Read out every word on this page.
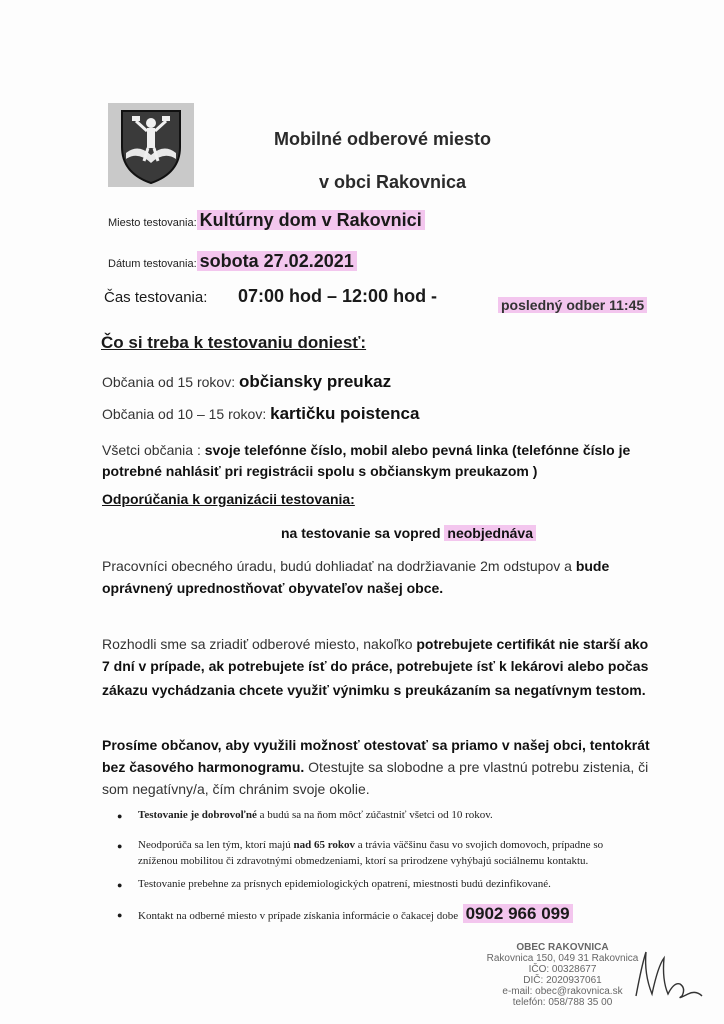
Mobilné odberové miesto
v obci Rakovnica
Miesto testovania: Kultúrny dom v Rakovnici
Dátum testovania: sobota 27.02.2021
Čas testovania: 07:00 hod – 12:00 hod -	posledný odber 11:45
Čo si treba k testovaniu doniesť:
Občania od 15 rokov: občiansky preukaz
Občania od 10 – 15 rokov: kartičku poistenca
Všetci občania : svoje telefónne číslo, mobil alebo pevná linka (telefónne číslo je
potrebné nahlásiť pri registrácii spolu s občianskym preukazom )
Odporúčania k organizácii testovania:
na testovanie sa vopred neobjednáva
Pracovníci obecného úradu, budú dohliadať na dodržiavanie 2m odstupov a bude
oprávnený uprednostňovať obyvateľov našej obce.
Rozhodli sme sa zriadiť odberové miesto, nakoľko potrebujete certifikát nie starší ako
7 dní v prípade, ak potrebujete ísť do práce, potrebujete ísť k lekárovi alebo počas
zákazu vychádzania chcete využiť výnimku s preukázaním sa negatívnym testom.
Prosíme občanov, aby využili možnosť otestovať sa priamo v našej obci, tentokrát
bez časového harmonogramu. Otestujte sa slobodne a pre vlastnú potrebu zistenia, či
som negatívny/a, čím chránim svoje okolie.
● Testovanie je dobrovoľné a budú sa na ňom môcť zúčastniť všetci od 10 rokov.
● Neodporúča sa len tým, ktorí majú nad 65 rokov a trávia väčšinu času vo svojich domovoch, prípadne so
zníženou mobilitou či zdravotnými obmedzeniami, ktorí sa prirodzene vyhýbajú sociálnemu kontaktu.
● Testovanie prebehne za prísnych epidemiologických opatrení, miestnosti budú dezinfikované.
● Kontakt na odberné miesto v prípade získania informácie o čakacej dobe 0902 966 099
OBEC RAKOVNICA
Rakovnica 150, 049 31 Rakovnica
IČO: 00328677
DIČ: 2020937061
e-mail: obec@rakovnica.sk
telefón: 058/788 35 00
